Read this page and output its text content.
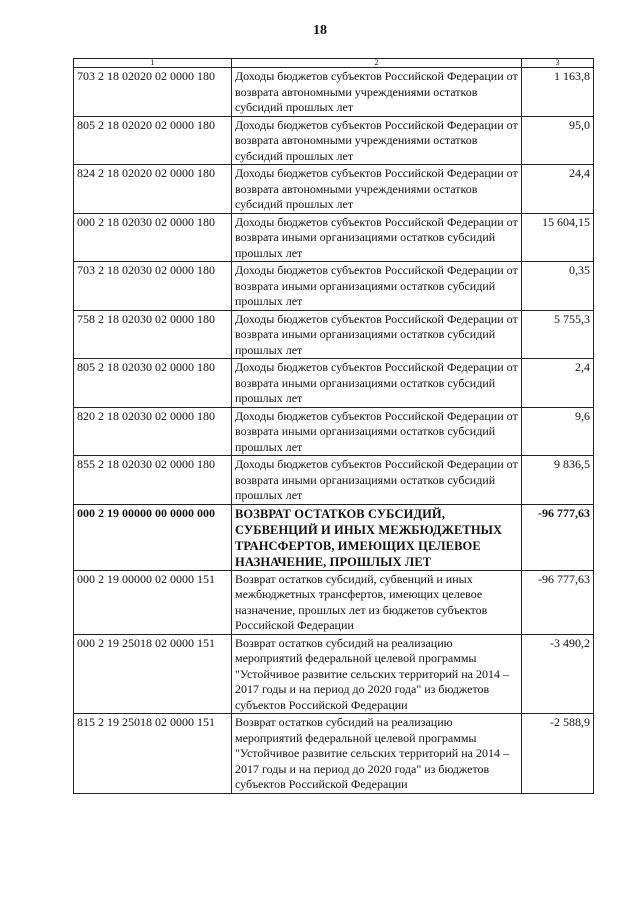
18
1	2	3
703 2 18 02020 02 0000 180	Доходы бюджетов субъектов Российской Федерации от возврата автономными учреждениями остатков субсидий прошлых лет	1 163,8
805 2 18 02020 02 0000 180	Доходы бюджетов субъектов Российской Федерации от возврата автономными учреждениями остатков субсидий прошлых лет	95,0
824 2 18 02020 02 0000 180	Доходы бюджетов субъектов Российской Федерации от возврата автономными учреждениями остатков субсидий прошлых лет	24,4
000 2 18 02030 02 0000 180	Доходы бюджетов субъектов Российской Федерации от возврата иными организациями остатков субсидий прошлых лет	15 604,15
703 2 18 02030 02 0000 180	Доходы бюджетов субъектов Российской Федерации от возврата иными организациями остатков субсидий прошлых лет	0,35
758 2 18 02030 02 0000 180	Доходы бюджетов субъектов Российской Федерации от возврата иными организациями остатков субсидий прошлых лет	5 755,3
805 2 18 02030 02 0000 180	Доходы бюджетов субъектов Российской Федерации от возврата иными организациями остатков субсидий прошлых лет	2,4
820 2 18 02030 02 0000 180	Доходы бюджетов субъектов Российской Федерации от возврата иными организациями остатков субсидий прошлых лет	9,6
855 2 18 02030 02 0000 180	Доходы бюджетов субъектов Российской Федерации от возврата иными организациями остатков субсидий прошлых лет	9 836,5
000 2 19 00000 00 0000 000	ВОЗВРАТ ОСТАТКОВ СУБСИДИЙ, СУБВЕНЦИЙ И ИНЫХ МЕЖБЮДЖЕТНЫХ ТРАНСФЕРТОВ, ИМЕЮЩИХ ЦЕЛЕВОЕ НАЗНАЧЕНИЕ, ПРОШЛЫХ ЛЕТ	-96 777,63
000 2 19 00000 02 0000 151	Возврат остатков субсидий, субвенций и иных межбюджетных трансфертов, имеющих целевое назначение, прошлых лет из бюджетов субъектов Российской Федерации	-96 777,63
000 2 19 25018 02 0000 151	Возврат остатков субсидий на реализацию мероприятий федеральной целевой программы "Устойчивое развитие сельских территорий на 2014 – 2017 годы и на период до 2020 года" из бюджетов субъектов Российской Федерации	-3 490,2
815 2 19 25018 02 0000 151	Возврат остатков субсидий на реализацию мероприятий федеральной целевой программы "Устойчивое развитие сельских территорий на 2014 – 2017 годы и на период до 2020 года" из бюджетов субъектов Российской Федерации	-2 588,9
